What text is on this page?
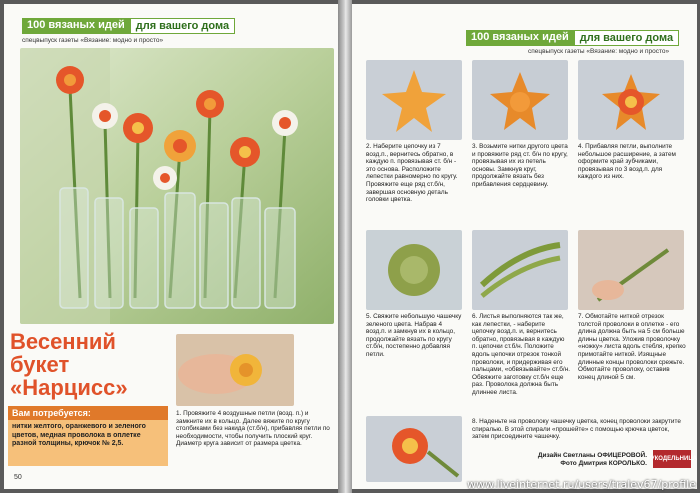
100 вязаных идей	для вашего дома
спецвыпуск газеты «Вязание: модно и просто»
Весенний
букет
«Нарцисс»
Вам потребуется:
нитки желтого, оранжевого и зеленого цветов, медная проволока в оплетке разной толщины, крючок № 2,5.
1. Провяжите 4 воздушные петли (возд. п.) и замкните их в кольцо. Далее вяжите по кругу столбиками без накида (ст.б/н), прибавляя петли по необходимости, чтобы получить плоский круг. Диаметр круга зависит от размера цветка.
50
100 вязаных идей	для вашего дома
спецвыпуск газеты «Вязание: модно и просто»
2. Наберите цепочку из 7 возд.п., вернитесь обратно, в каждую п. провязывая ст. б/н - это основа. Расположите лепестки равномерно по кругу. Провяжите еще ряд ст.б/н, завершая основную деталь головки цветка.
3. Возьмите нитки другого цвета и провяжите ряд ст. б/н по кругу, провязывая их из петель основы. Замкнув круг, продолжайте вязать без прибавления сердцевину.
4. Прибавляя петли, выполните небольшое расширение, а затем оформите край зубчиками, провязывая по 3 возд.п. для каждого из них.
5. Свяжите небольшую чашечку зеленого цвета. Набрав 4 возд.п. и замкнув их в кольцо, продолжайте вязать по кругу ст.б/н, постепенно добавляя петли.
6. Листья выполняются так же, как лепестки, - наберите цепочку возд.п. и, вернитесь обратно, провязывая в каждую п. цепочки ст.б/н. Положите вдоль цепочки отрезок тонкой проволоки, и придерживая его пальцами, «обвязывайте» ст.б/н. Обвяжите заготовку ст.б/н еще раз. Проволока должна быть длиннее листа.
7. Обмотайте ниткой отрезок толстой проволоки в оплетке - его длина должна быть на 5 см больше длины цветка. Уложив проволочку «ножку» листа вдоль стебля, крепко примотайте ниткой. Изящные длинные концы проволоки срежьте. Обмотайте проволоку, оставив конец длиной 5 см.
8. Наденьте на проволоку чашечку цветка, конец проволоки закрутите спиралью. В этой спирали «прошейте» с помощью крючка цветок, затем присоедините чашечку.
Дизайн Светланы ОФИЦЕРОВОЙ.
Фото Дмитрия КОРОЛЬКО.
РУКОДЕЛЬНИЦА
www.liveinternet.ru/users/tralev67/profile
